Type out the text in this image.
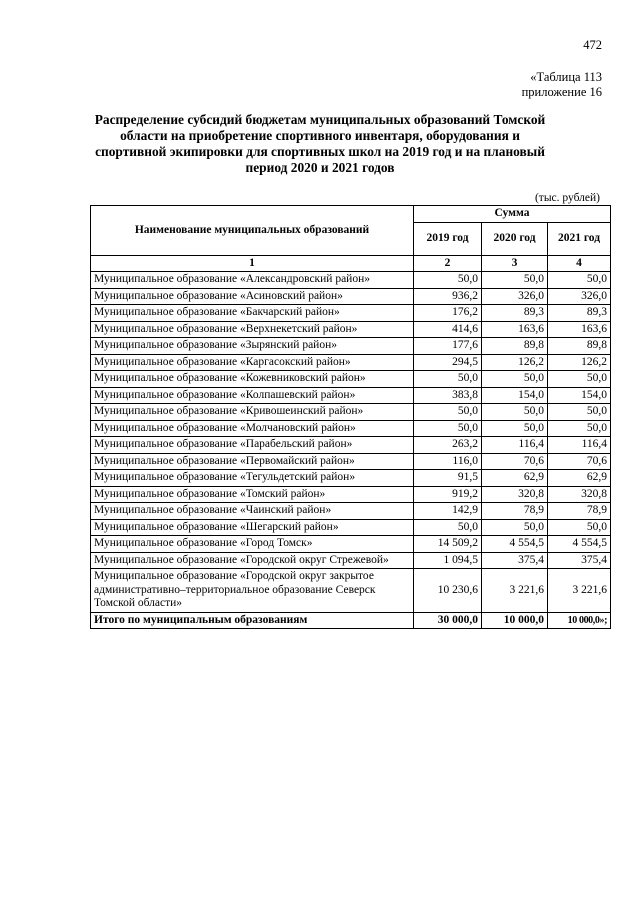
472
«Таблица 113
приложение 16
Распределение субсидий бюджетам муниципальных образований Томской области на приобретение спортивного инвентаря, оборудования и спортивной экипировки для спортивных школ на 2019 год и на плановый период 2020 и 2021 годов
(тыс. рублей)
Наименование муниципальных образований	Сумма		
	2019 год	2020 год	2021 год
1	2	3	4
Муниципальное образование «Александровский район»	50,0	50,0	50,0
Муниципальное образование «Асиновский район»	936,2	326,0	326,0
Муниципальное образование «Бакчарский район»	176,2	89,3	89,3
Муниципальное образование «Верхнекетский район»	414,6	163,6	163,6
Муниципальное образование «Зырянский район»	177,6	89,8	89,8
Муниципальное образование «Каргасокский район»	294,5	126,2	126,2
Муниципальное образование «Кожевниковский район»	50,0	50,0	50,0
Муниципальное образование «Колпашевский район»	383,8	154,0	154,0
Муниципальное образование «Кривошеинский район»	50,0	50,0	50,0
Муниципальное образование «Молчановский район»	50,0	50,0	50,0
Муниципальное образование «Парабельский район»	263,2	116,4	116,4
Муниципальное образование «Первомайский район»	116,0	70,6	70,6
Муниципальное образование «Тегульдетский район»	91,5	62,9	62,9
Муниципальное образование «Томский район»	919,2	320,8	320,8
Муниципальное образование «Чаинский район»	142,9	78,9	78,9
Муниципальное образование «Шегарский район»	50,0	50,0	50,0
Муниципальное образование «Город Томск»	14 509,2	4 554,5	4 554,5
Муниципальное образование «Городской округ Стрежевой»	1 094,5	375,4	375,4
Муниципальное образование «Городской округ закрытое административно–территориальное образование Северск Томской области»	10 230,6	3 221,6	3 221,6
Итого по муниципальным образованиям	30 000,0	10 000,0	10 000,0»;
